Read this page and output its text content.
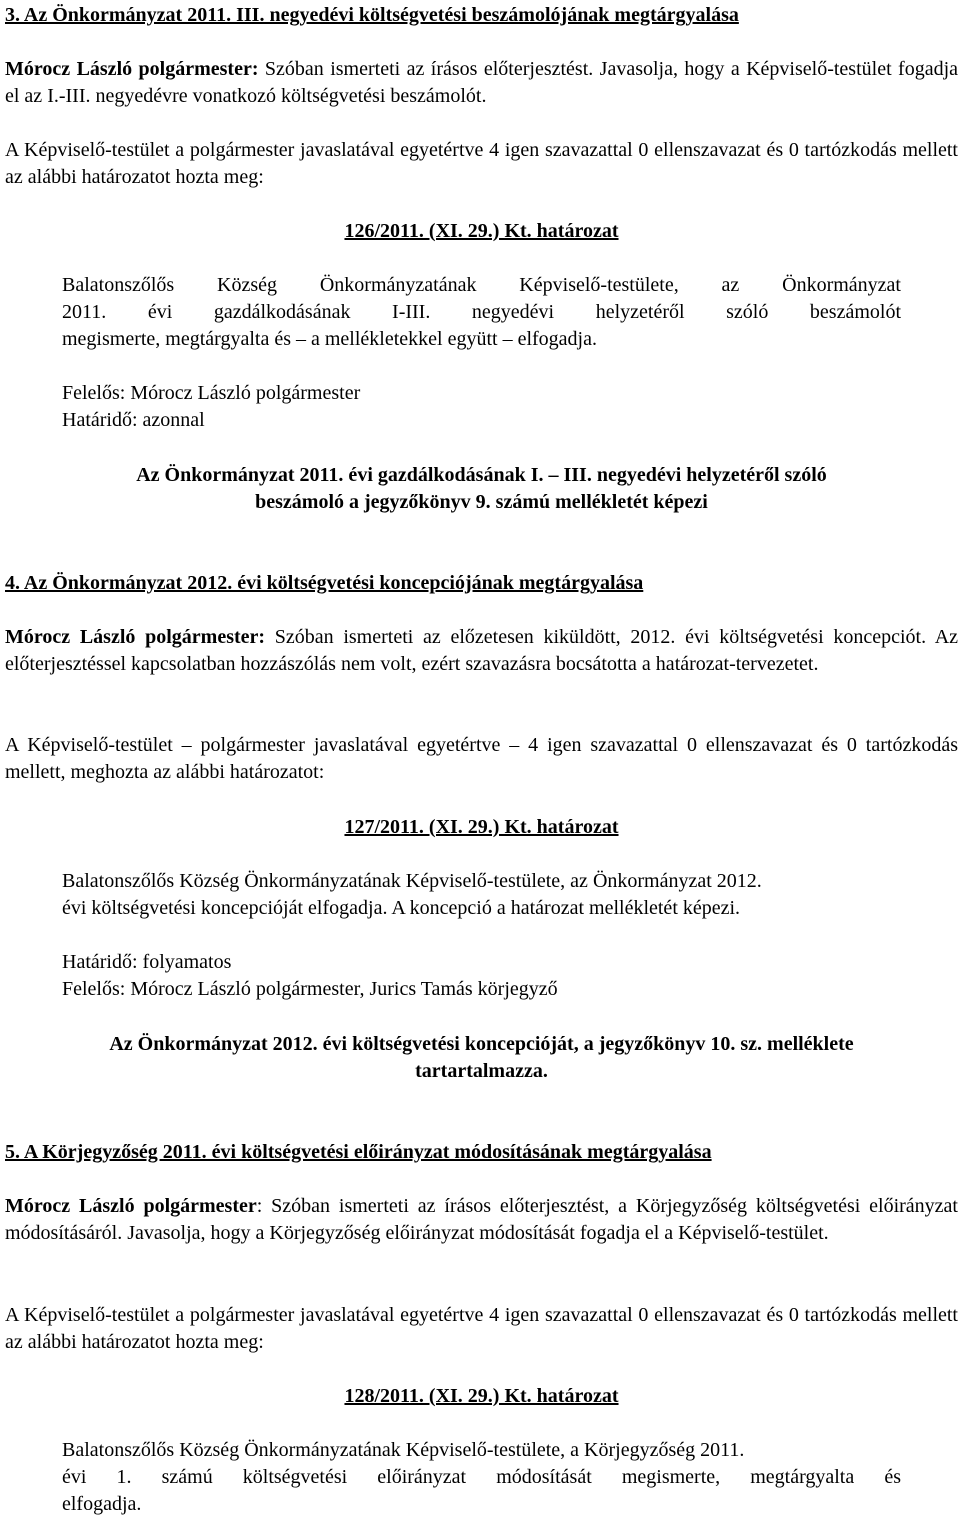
3. Az Önkormányzat 2011. III. negyedévi költségvetési beszámolójának megtárgyalása
Mórocz László polgármester: Szóban ismerteti az írásos előterjesztést. Javasolja, hogy a Képviselő-testület fogadja el az I.-III. negyedévre vonatkozó költségvetési beszámolót.
A Képviselő-testület a polgármester javaslatával egyetértve 4 igen szavazattal 0 ellenszavazat és 0 tartózkodás mellett az alábbi határozatot hozta meg:
126/2011. (XI. 29.) Kt. határozat
Balatonszőlős Község Önkormányzatának Képviselő-testülete, az Önkormányzat
2011. évi gazdálkodásának I-III. negyedévi helyzetéről szóló beszámolót
megismerte, megtárgyalta és – a mellékletekkel együtt – elfogadja.
Felelős: Mórocz László polgármester
Határidő: azonnal
Az Önkormányzat 2011. évi gazdálkodásának I. – III. negyedévi helyzetéről szóló
beszámoló a jegyzőkönyv 9. számú mellékletét képezi
4. Az Önkormányzat 2012. évi költségvetési koncepciójának megtárgyalása
Mórocz László polgármester: Szóban ismerteti az előzetesen kiküldött, 2012. évi költségvetési koncepciót. Az előterjesztéssel kapcsolatban hozzászólás nem volt, ezért szavazásra bocsátotta a határozat-tervezetet.
A Képviselő-testület – polgármester javaslatával egyetértve – 4 igen szavazattal 0 ellenszavazat és 0 tartózkodás mellett, meghozta az alábbi határozatot:
127/2011. (XI. 29.) Kt. határozat
Balatonszőlős Község Önkormányzatának Képviselő-testülete, az Önkormányzat 2012.
évi költségvetési koncepcióját elfogadja. A koncepció a határozat mellékletét képezi.
Határidő: folyamatos
Felelős: Mórocz László polgármester, Jurics Tamás körjegyző
Az Önkormányzat 2012. évi költségvetési koncepcióját, a jegyzőkönyv 10. sz. melléklete
tartartalmazza.
5. A Körjegyzőség 2011. évi költségvetési előirányzat módosításának megtárgyalása
Mórocz László polgármester: Szóban ismerteti az írásos előterjesztést, a Körjegyzőség költségvetési előirányzat módosításáról. Javasolja, hogy a Körjegyzőség előirányzat módosítását fogadja el a Képviselő-testület.
A Képviselő-testület a polgármester javaslatával egyetértve 4 igen szavazattal 0 ellenszavazat és 0 tartózkodás mellett az alábbi határozatot hozta meg:
128/2011. (XI. 29.) Kt. határozat
Balatonszőlős Község Önkormányzatának Képviselő-testülete, a Körjegyzőség 2011.
évi 1. számú költségvetési előirányzat módosítását megismerte, megtárgyalta és
elfogadja.
